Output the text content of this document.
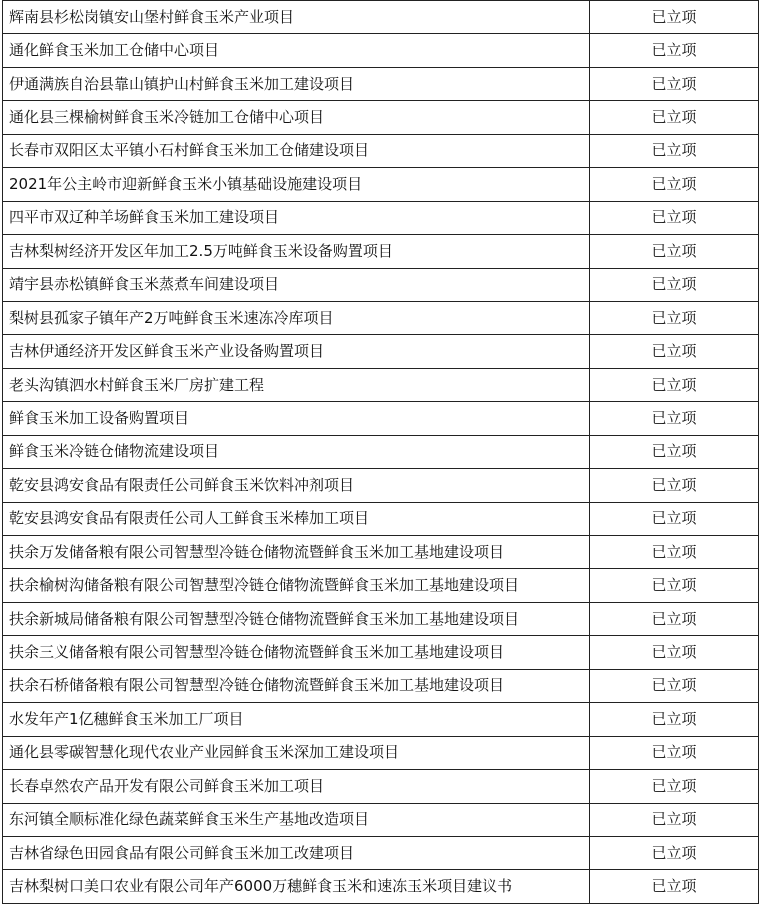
辉南县杉松岗镇安山堡村鲜食玉米产业项目	已立项
通化鲜食玉米加工仓储中心项目	已立项
伊通满族自治县靠山镇护山村鲜食玉米加工建设项目	已立项
通化县三棵榆树鲜食玉米冷链加工仓储中心项目	已立项
长春市双阳区太平镇小石村鲜食玉米加工仓储建设项目	已立项
2021年公主岭市迎新鲜食玉米小镇基础设施建设项目	已立项
四平市双辽种羊场鲜食玉米加工建设项目	已立项
吉林梨树经济开发区年加工2.5万吨鲜食玉米设备购置项目	已立项
靖宇县赤松镇鲜食玉米蒸煮车间建设项目	已立项
梨树县孤家子镇年产2万吨鲜食玉米速冻冷库项目	已立项
吉林伊通经济开发区鲜食玉米产业设备购置项目	已立项
老头沟镇泗水村鲜食玉米厂房扩建工程	已立项
鲜食玉米加工设备购置项目	已立项
鲜食玉米冷链仓储物流建设项目	已立项
乾安县鸿安食品有限责任公司鲜食玉米饮料冲剂项目	已立项
乾安县鸿安食品有限责任公司人工鲜食玉米棒加工项目	已立项
扶余万发储备粮有限公司智慧型冷链仓储物流暨鲜食玉米加工基地建设项目	已立项
扶余榆树沟储备粮有限公司智慧型冷链仓储物流暨鲜食玉米加工基地建设项目	已立项
扶余新城局储备粮有限公司智慧型冷链仓储物流暨鲜食玉米加工基地建设项目	已立项
扶余三义储备粮有限公司智慧型冷链仓储物流暨鲜食玉米加工基地建设项目	已立项
扶余石桥储备粮有限公司智慧型冷链仓储物流暨鲜食玉米加工基地建设项目	已立项
水发年产1亿穗鲜食玉米加工厂项目	已立项
通化县零碳智慧化现代农业产业园鲜食玉米深加工建设项目	已立项
长春卓然农产品开发有限公司鲜食玉米加工项目	已立项
东河镇全顺标准化绿色蔬菜鲜食玉米生产基地改造项目	已立项
吉林省绿色田园食品有限公司鲜食玉米加工改建项目	已立项
吉林梨树口美口农业有限公司年产6000万穗鲜食玉米和速冻玉米项目建议书	已立项
